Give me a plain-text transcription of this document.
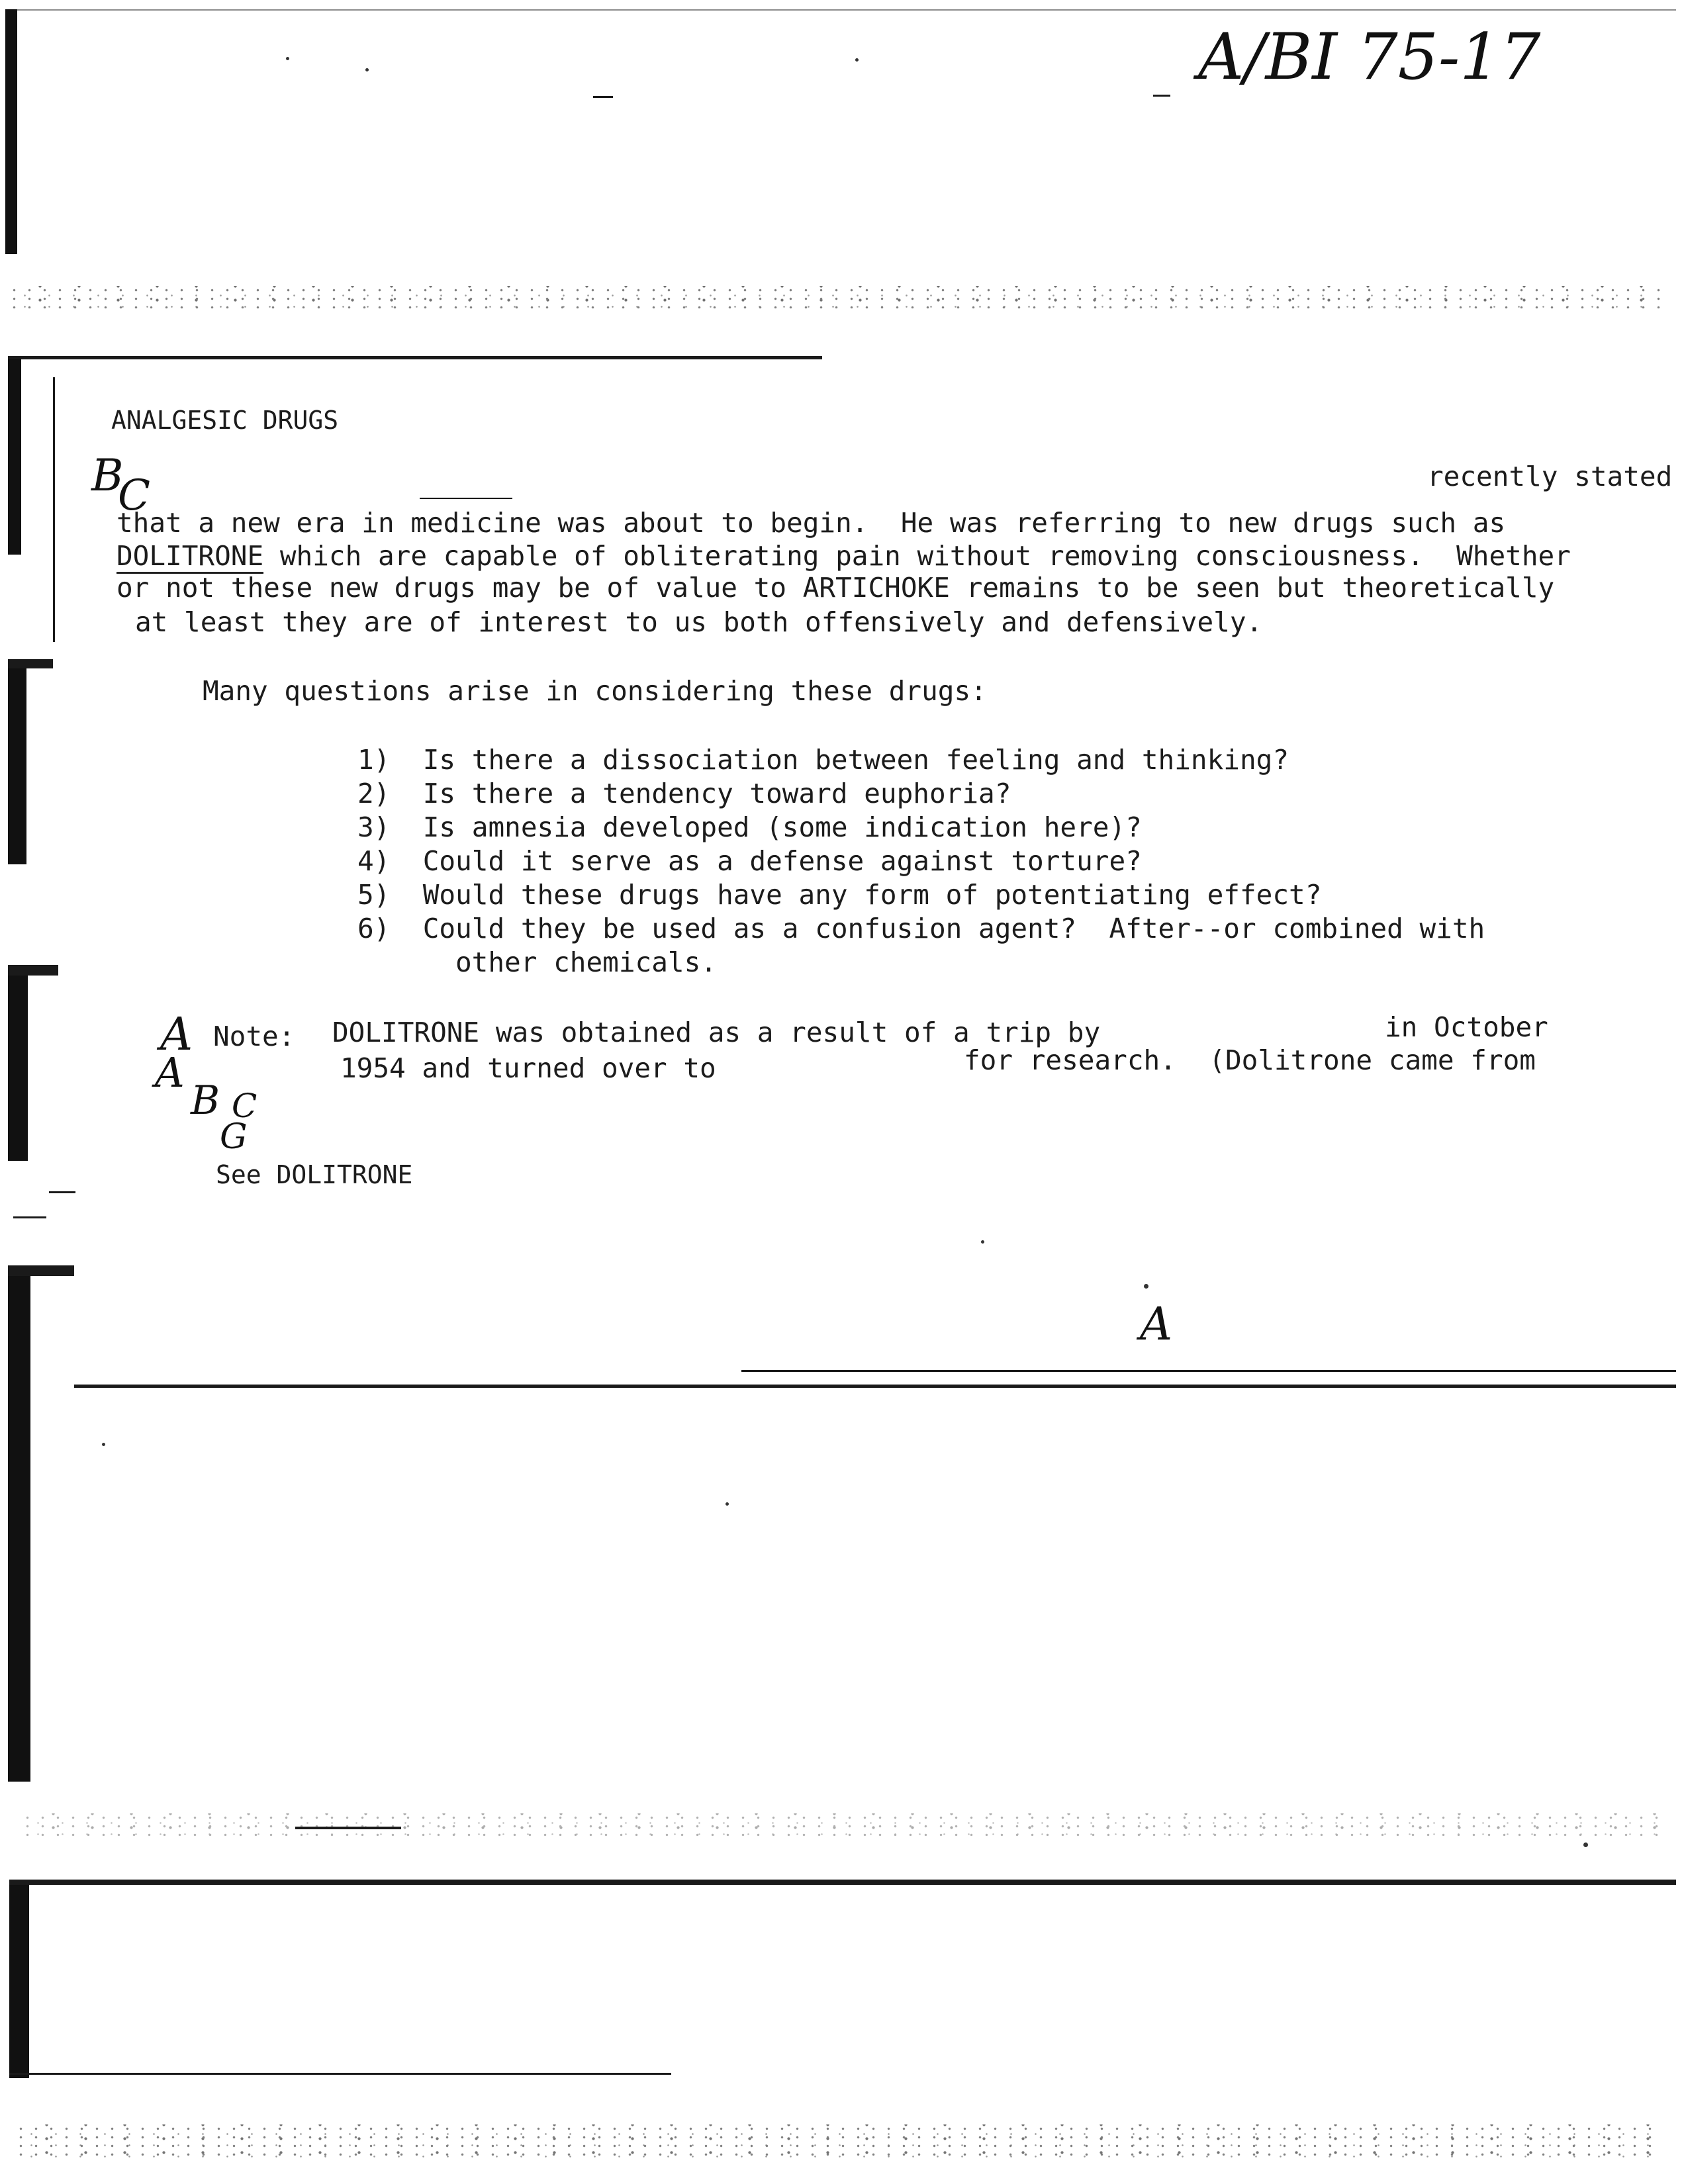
A/BI 75-17
ANALGESIC DRUGS
B
C	recently stated
that a new era in medicine was about to begin.  He was referring to new drugs such as
DOLITRONE which are capable of obliterating pain without removing consciousness.  Whether
or not these new drugs may be of value to ARTICHOKE remains to be seen but theoretically
at least they are of interest to us both offensively and defensively.
Many questions arise in considering these drugs:
1) Is there a dissociation between feeling and thinking?
2) Is there a tendency toward euphoria?
3) Is amnesia developed (some indication here)?
4) Could it serve as a defense against torture?
5) Would these drugs have any form of potentiating effect?
6) Could they be used as a confusion agent?  After--or combined with
other chemicals.
A
A
B C
G
Note: DOLITRONE was obtained as a result of a trip by	in October
1954 and turned over to	for research.  (Dolitrone came from
See DOLITRONE
A
